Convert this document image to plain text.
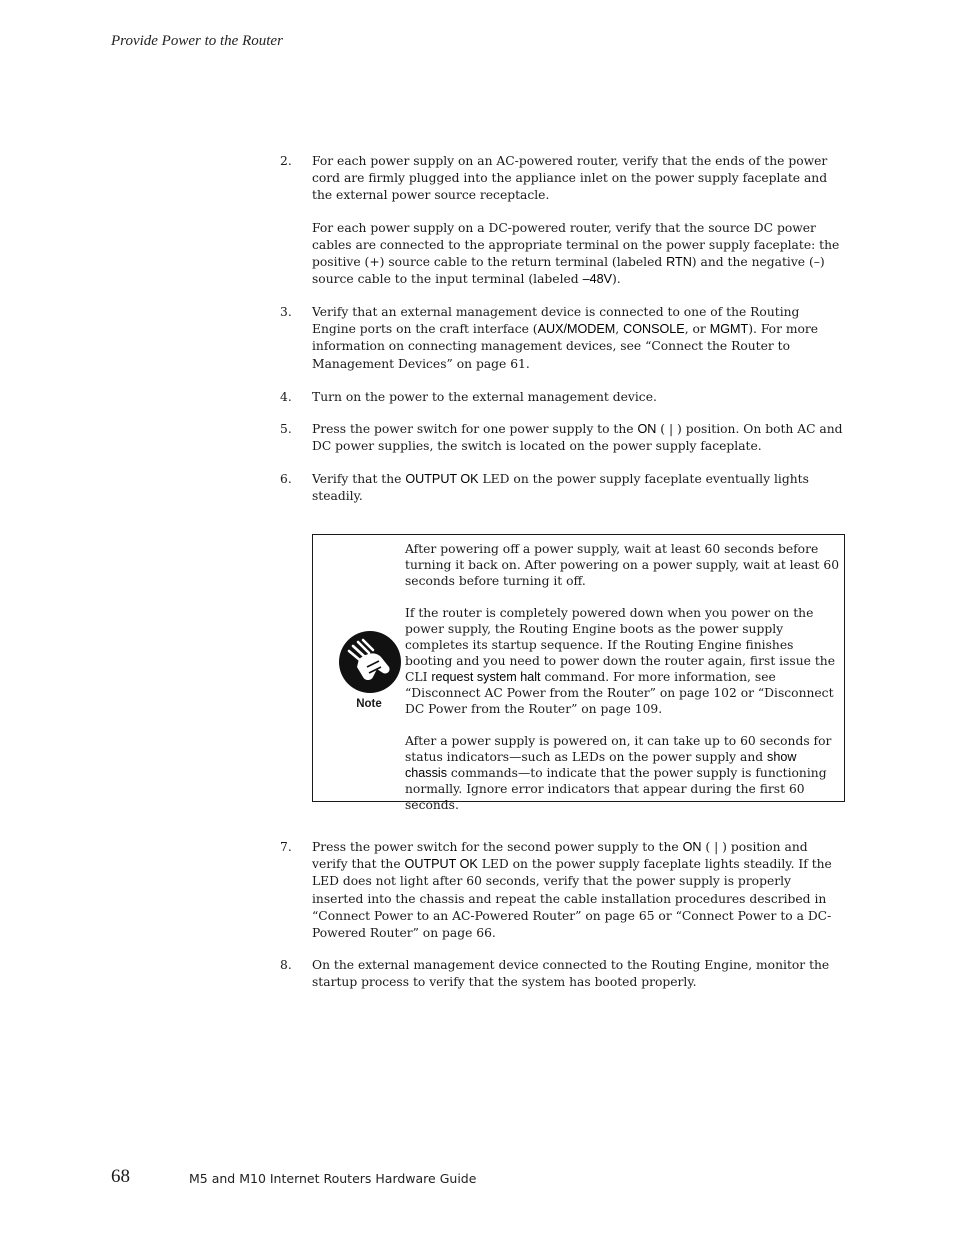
Provide Power to the Router
2.	For each power supply on an AC-powered router, verify that the ends of the power cord are firmly plugged into the appliance inlet on the power supply faceplate and the external power source receptacle.

For each power supply on a DC-powered router, verify that the source DC power cables are connected to the appropriate terminal on the power supply faceplate: the positive (+) source cable to the return terminal (labeled RTN) and the negative (–) source cable to the input terminal (labeled –48V).

3.	Verify that an external management device is connected to one of the Routing Engine ports on the craft interface (AUX/MODEM, CONSOLE, or MGMT). For more information on connecting management devices, see “Connect the Router to Management Devices” on page 61.

4.	Turn on the power to the external management device.

5.	Press the power switch for one power supply to the ON ( | ) position. On both AC and DC power supplies, the switch is located on the power supply faceplate.

6.	Verify that the OUTPUT OK LED on the power supply faceplate eventually lights steadily.

Note

After powering off a power supply, wait at least 60 seconds before turning it back on. After powering on a power supply, wait at least 60 seconds before turning it off.

If the router is completely powered down when you power on the power supply, the Routing Engine boots as the power supply completes its startup sequence. If the Routing Engine finishes booting and you need to power down the router again, first issue the CLI request system halt command. For more information, see “Disconnect AC Power from the Router” on page 102 or “Disconnect DC Power from the Router” on page 109.

After a power supply is powered on, it can take up to 60 seconds for status indicators—such as LEDs on the power supply and show chassis commands—to indicate that the power supply is functioning normally. Ignore error indicators that appear during the first 60 seconds.

7.	Press the power switch for the second power supply to the ON ( | ) position and verify that the OUTPUT OK LED on the power supply faceplate lights steadily. If the LED does not light after 60 seconds, verify that the power supply is properly inserted into the chassis and repeat the cable installation procedures described in “Connect Power to an AC-Powered Router” on page 65 or “Connect Power to a DC-Powered Router” on page 66.

8.	On the external management device connected to the Routing Engine, monitor the startup process to verify that the system has booted properly.

68	M5 and M10 Internet Routers Hardware Guide
